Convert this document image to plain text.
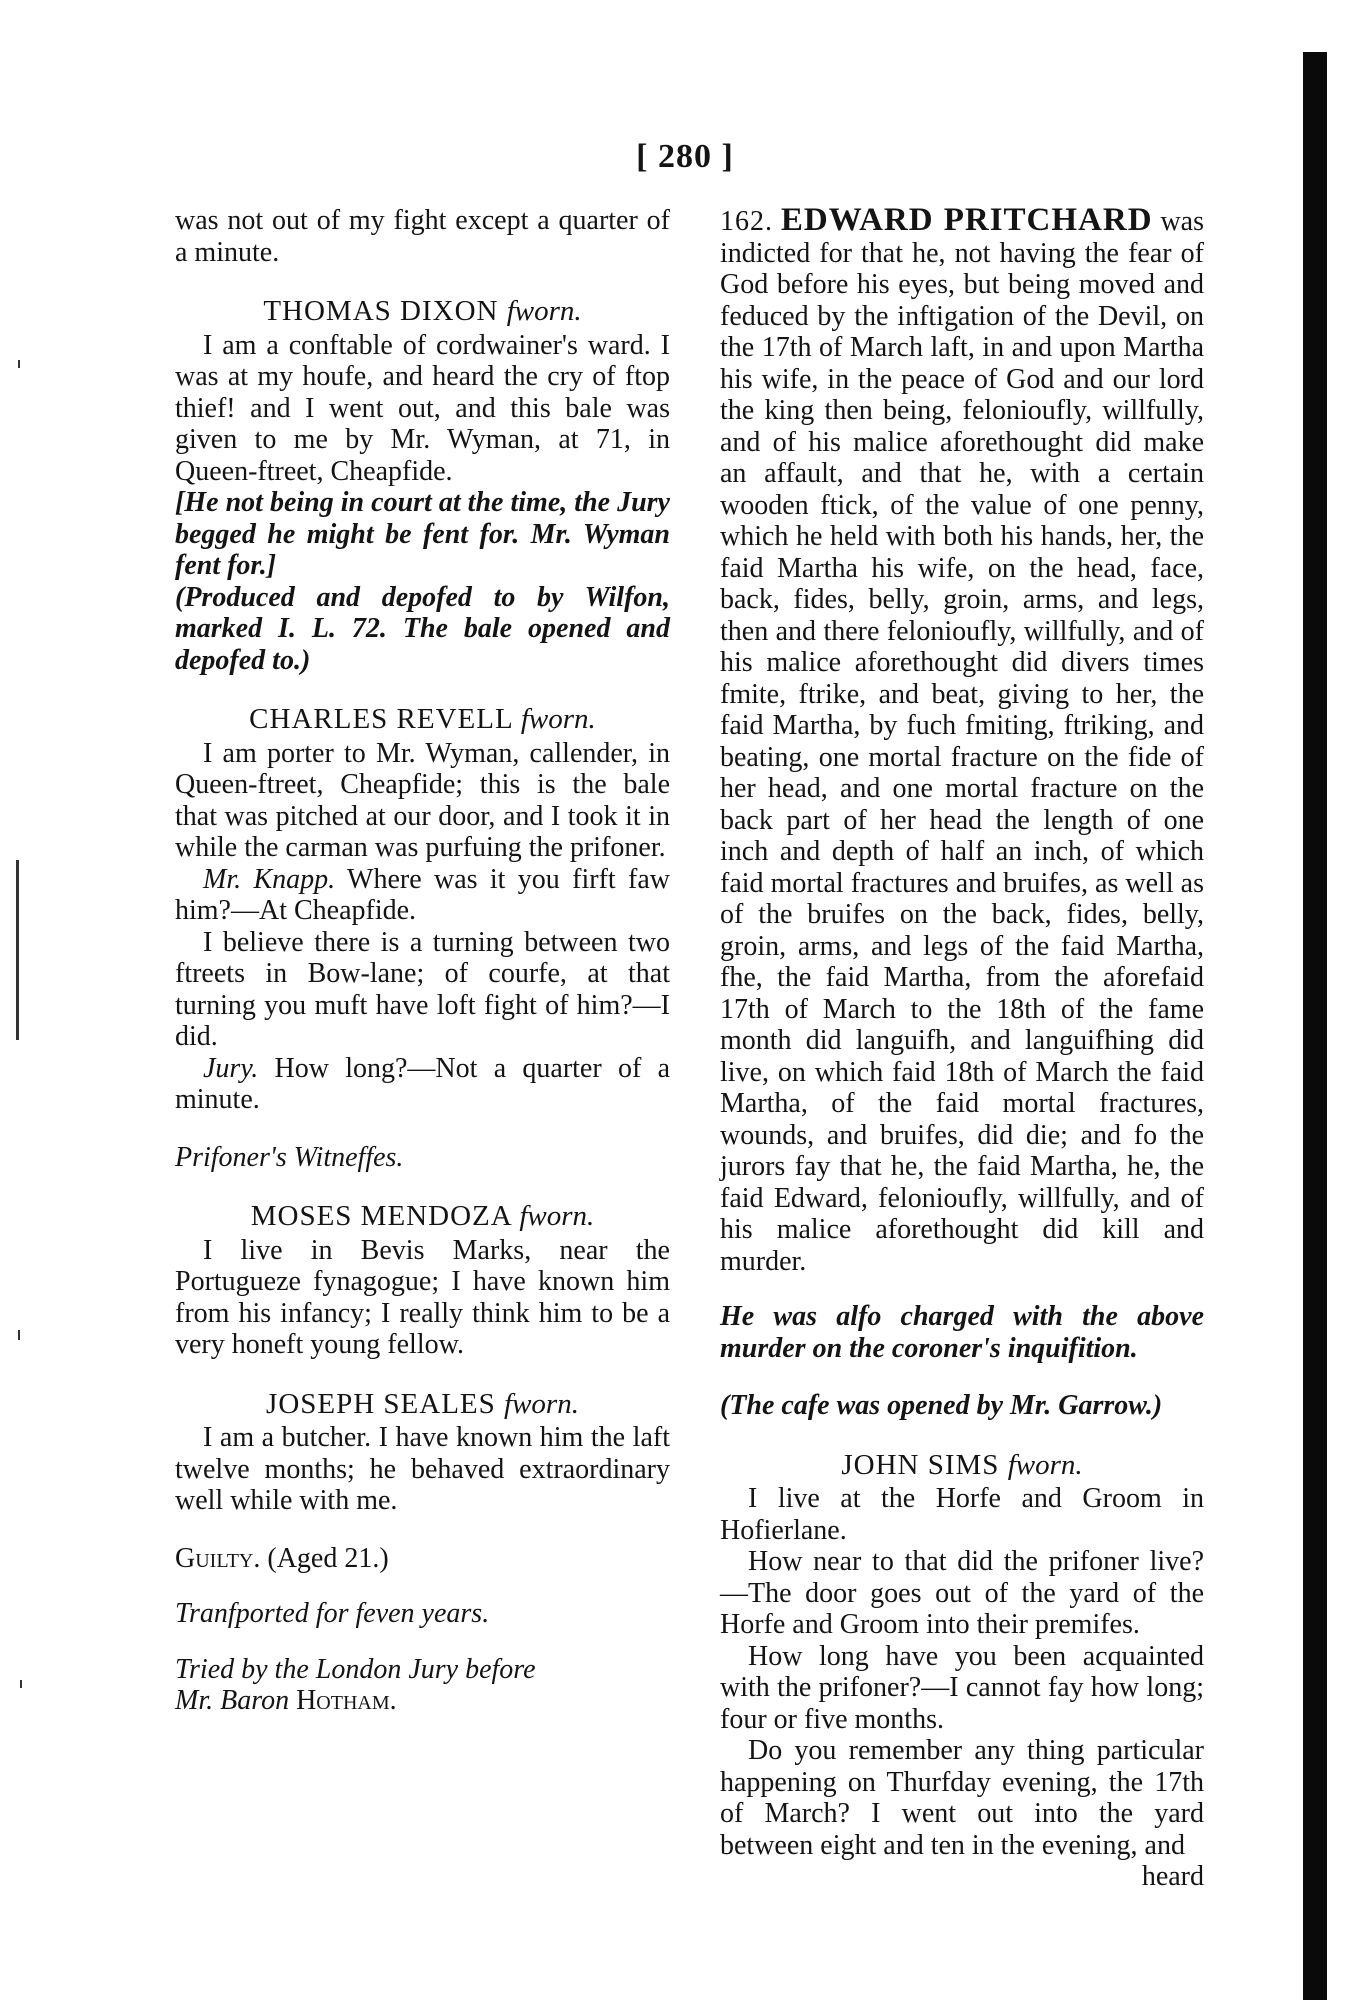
[ 280 ]

was not out of my fight except a quarter of a minute.

THOMAS DIXON fworn.

I am a conftable of cordwainer's ward. I was at my houfe, and heard the cry of ftop thief! and I went out, and this bale was given to me by Mr. Wyman, at 71, in Queen-ftreet, Cheapfide.

[He not being in court at the time, the Jury begged he might be fent for. Mr. Wyman fent for.]

(Produced and depofed to by Wilfon, marked I. L. 72. The bale opened and depofed to.)

CHARLES REVELL fworn.

I am porter to Mr. Wyman, callender, in Queen-ftreet, Cheapfide; this is the bale that was pitched at our door, and I took it in while the carman was purfuing the prifoner.

Mr. Knapp. Where was it you firft faw him?—At Cheapfide.

I believe there is a turning between two ftreets in Bow-lane; of courfe, at that turning you muft have loft fight of him?—I did.

Jury. How long?—Not a quarter of a minute.

Prifoner's Witneffes.

MOSES MENDOZA fworn.

I live in Bevis Marks, near the Portugueze fynagogue; I have known him from his infancy; I really think him to be a very honeft young fellow.

JOSEPH SEALES fworn.

I am a butcher. I have known him the laft twelve months; he behaved extraordinary well while with me.

Guilty. (Aged 21.)

Tranfported for feven years.

Tried by the London Jury before

Mr. Baron Hotham.

162. EDWARD PRITCHARD was indicted for that he, not having the fear of God before his eyes, but being moved and feduced by the inftigation of the Devil, on the 17th of March laft, in and upon Martha his wife, in the peace of God and our lord the king then being, felonioufly, willfully, and of his malice aforethought did make an affault, and that he, with a certain wooden ftick, of the value of one penny, which he held with both his hands, her, the faid Martha his wife, on the head, face, back, fides, belly, groin, arms, and legs, then and there felonioufly, willfully, and of his malice aforethought did divers times fmite, ftrike, and beat, giving to her, the faid Martha, by fuch fmiting, ftriking, and beating, one mortal fracture on the fide of her head, and one mortal fracture on the back part of her head the length of one inch and depth of half an inch, of which faid mortal fractures and bruifes, as well as of the bruifes on the back, fides, belly, groin, arms, and legs of the faid Martha, fhe, the faid Martha, from the aforefaid 17th of March to the 18th of the fame month did languifh, and languifhing did live, on which faid 18th of March the faid Martha, of the faid mortal fractures, wounds, and bruifes, did die; and fo the jurors fay that he, the faid Martha, he, the faid Edward, felonioufly, willfully, and of his malice aforethought did kill and murder.

He was alfo charged with the above murder on the coroner's inquifition.

(The cafe was opened by Mr. Garrow.)

JOHN SIMS fworn.

I live at the Horfe and Groom in Hofierlane.

How near to that did the prifoner live?—The door goes out of the yard of the Horfe and Groom into their premifes.

How long have you been acquainted with the prifoner?—I cannot fay how long; four or five months.

Do you remember any thing particular happening on Thurfday evening, the 17th of March? I went out into the yard between eight and ten in the evening, and

heard
